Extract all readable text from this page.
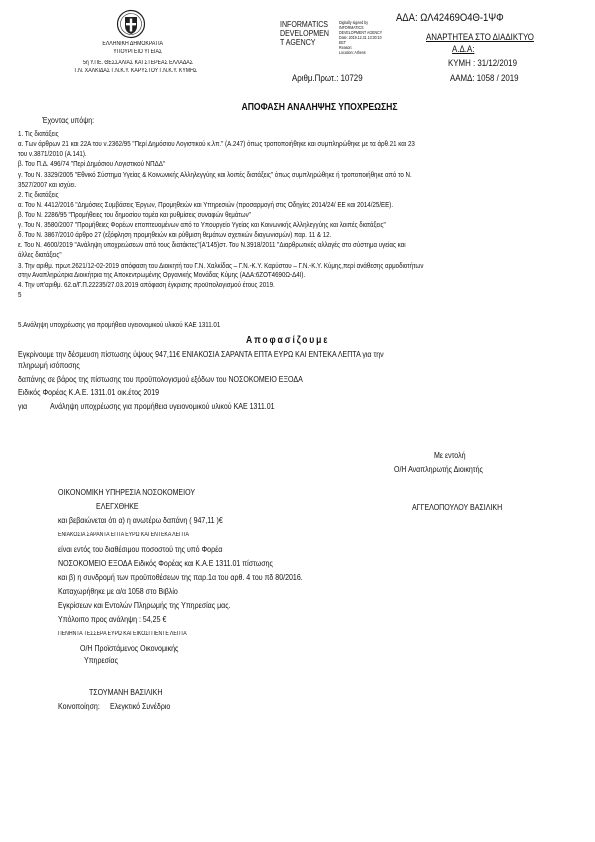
ΕΛΛΗΝΙΚΗ ΔΗΜΟΚΡΑΤΙΑ
ΥΠΟΥΡΓΕΙΟ ΥΓΕΙΑΣ
5η Υ.ΠΕ. ΘΕΣΣΑΛΙΑΣ ΚΑΙ ΣΤΕΡΕΑΣ ΕΛΛΑΔΑΣ
Γ.Ν. ΧΑΛΚΙΔΑΣ Γ.Ν.Κ.Υ. ΚΑΡΥΣΤΟΥ Γ.Ν.Κ.Υ. ΚΥΜΗΣ
INFORMATICS
DEVELOPMEN
T AGENCY
Digitally signed by
INFORMATICS
DEVELOPMENT AGENCY
Date: 2019.12.31 13:30:10
EET
Reason:
Location: Athens
ΑΔΑ: ΩΛ42469Ο4Θ-1ΨΦ
ΑΝΑΡΤΗΤΕΑ ΣΤΟ ΔΙΑΔΙΚΤΥΟ
Α.Δ.Α:
ΚΥΜΗ : 31/12/2019
Αριθμ.Πρωτ.: 10729	ΑΑΜΔ: 1058 / 2019
ΑΠΟΦΑΣΗ ΑΝΑΛΗΨΗΣ ΥΠΟΧΡΕΩΣΗΣ
Έχοντας υπόψη:
1. Τις διατάξεις
α. Των άρθρων 21 και 22Α του ν.2362/95 "Περί Δημόσιου Λογιστικού κ.λπ." (Α.247) όπως τροποποιήθηκε και συμπληρώθηκε με τα άρθ.21 και 23
του ν.3871/2010 (Α.141).
β. Του Π.Δ. 496/74 "Περί Δημόσιου Λογιστικού ΝΠΔΔ"
γ. Του Ν. 3329/2005 "Εθνικό Σύστημα Υγείας & Κοινωνικής Αλληλεγγύης και λοιπές διατάξεις" όπως συμπληρώθηκε ή τροποποιήθηκε από το Ν.
3527/2007 και ισχύει.
2. Τις διατάξεις
α. Του Ν. 4412/2016 "Δημόσιες Συμβάσεις Έργων, Προμηθειών και Υπηρεσιών (προσαρμογή στις Οδηγίες 2014/24/ ΕΕ και 2014/25/ΕΕ).
β. Του Ν. 2286/95 "Προμήθειες του δημοσίου τομέα και ρυθμίσεις συναφών θεμάτων"
γ. Του Ν. 3580/2007 "Προμήθειες Φορέων εποπτευομένων από το Υπουργείο Υγείας και Κοινωνικής Αλληλεγγύης και λοιπές διατάξεις"
δ. Του Ν. 3867/2010 άρθρο 27 (εξόφληση προμηθειών και ρύθμιση θεμάτων σχετικών διαγωνισμών) παρ. 11 & 12.
ε. Του Ν. 4600/2019 "Ανάληψη υποχρεώσεων από τους διατάκτες"(Α'145)στ. Του Ν.3918/2011 "Διαρθρωτικές αλλαγές στο σύστημα υγείας και
άλλες διατάξεις"
3. Την αριθμ. πρωτ.2621/12-02-2019 απόφαση του Διοικητή του Γ.Ν. Χαλκίδας – Γ.Ν.-Κ.Υ. Καρύστου – Γ.Ν.-Κ.Υ. Κύμης,περί ανάθεσης αρμοδιοτήτων
στην Αναπληρώτρια Διοικήτρια της Αποκεντρωμένης Οργανικής Μονάδας Κύμης (ΑΔΑ:6ΖΟΤ4690Ω-Δ4Ι).
4. Την υπ'αριθμ. 62.α/Γ.Π.22235/27.03.2019 απόφαση έγκρισης προϋπολογισμού έτους 2019.
5
5.Ανάληψη υποχρέωσης για προμήθεια υγειονομικού υλικού ΚΑΕ 1311.01
Αποφασίζουμε
Εγκρίνουμε την δέσμευση πίστωσης ύψους 947,11€ ΕΝΙΑΚΟΣΙΑ ΣΑΡΑΝΤΑ ΕΠΤΑ ΕΥΡΩ ΚΑΙ ΕΝΤΕΚΑ ΛΕΠΤΑ για την
πληρωμή ισόποσης
δαπάνης σε βάρος της πίστωσης του προϋπολογισμού εξόδων του ΝΟΣΟΚΟΜΕΙΟ ΕΞΟΔΑ
Ειδικός Φορέας Κ.Α.Ε. 1311.01 οικ.έτος 2019
για	Ανάληψη υποχρέωσης για προμήθεια υγειονομικού υλικού ΚΑΕ 1311.01
Με εντολή
Ο/Η Αναπληρωτής Διοικητής
ΟΙΚΟΝΟΜΙΚΗ ΥΠΗΡΕΣΙΑ ΝΟΣΟΚΟΜΕΙΟΥ
ΕΛΕΓΧΘΗΚΕ	ΑΓΓΕΛΟΠΟΥΛΟΥ ΒΑΣΙΛΙΚΗ
και βεβαιώνεται ότι α) η ανωτέρω δαπάνη ( 947,11 )€
ΕΝΙΑΚΟΣΙΑ ΣΑΡΑΝΤΑ ΕΠΤΑ ΕΥΡΩ ΚΑΙ ΕΝΤΕΚΑ ΛΕΠΤΑ
είναι εντός του διαθέσιμου ποσοστού της υπό Φορέα
ΝΟΣΟΚΟΜΕΙΟ ΕΞΟΔΑ Ειδικός Φορέας και Κ.Α.Ε 1311.01 πίστωσης
και β) η συνδρομή των προϋποθέσεων της παρ.1α του αρθ. 4 του πδ 80/2016.
Καταχωρήθηκε με α/α 1058 στο Βιβλίο
Εγκρίσεων και Εντολών Πληρωμής της Υπηρεσίας μας.
Υπόλοιπο προς ανάληψη : 54,25 €
ΠΕΝΗΝΤΑ ΤΕΣΣΕΡΑ ΕΥΡΩ ΚΑΙ ΕΙΚΟΣΙ ΠΕΝΤΕ ΛΕΠΤΑ
Ο/Η Προϊστάμενος Οικονομικής
Υπηρεσίας
ΤΣΟΥΜΑΝΗ ΒΑΣΙΛΙΚΗ
Κοινοποίηση: Ελεγκτικό Συνέδριο
